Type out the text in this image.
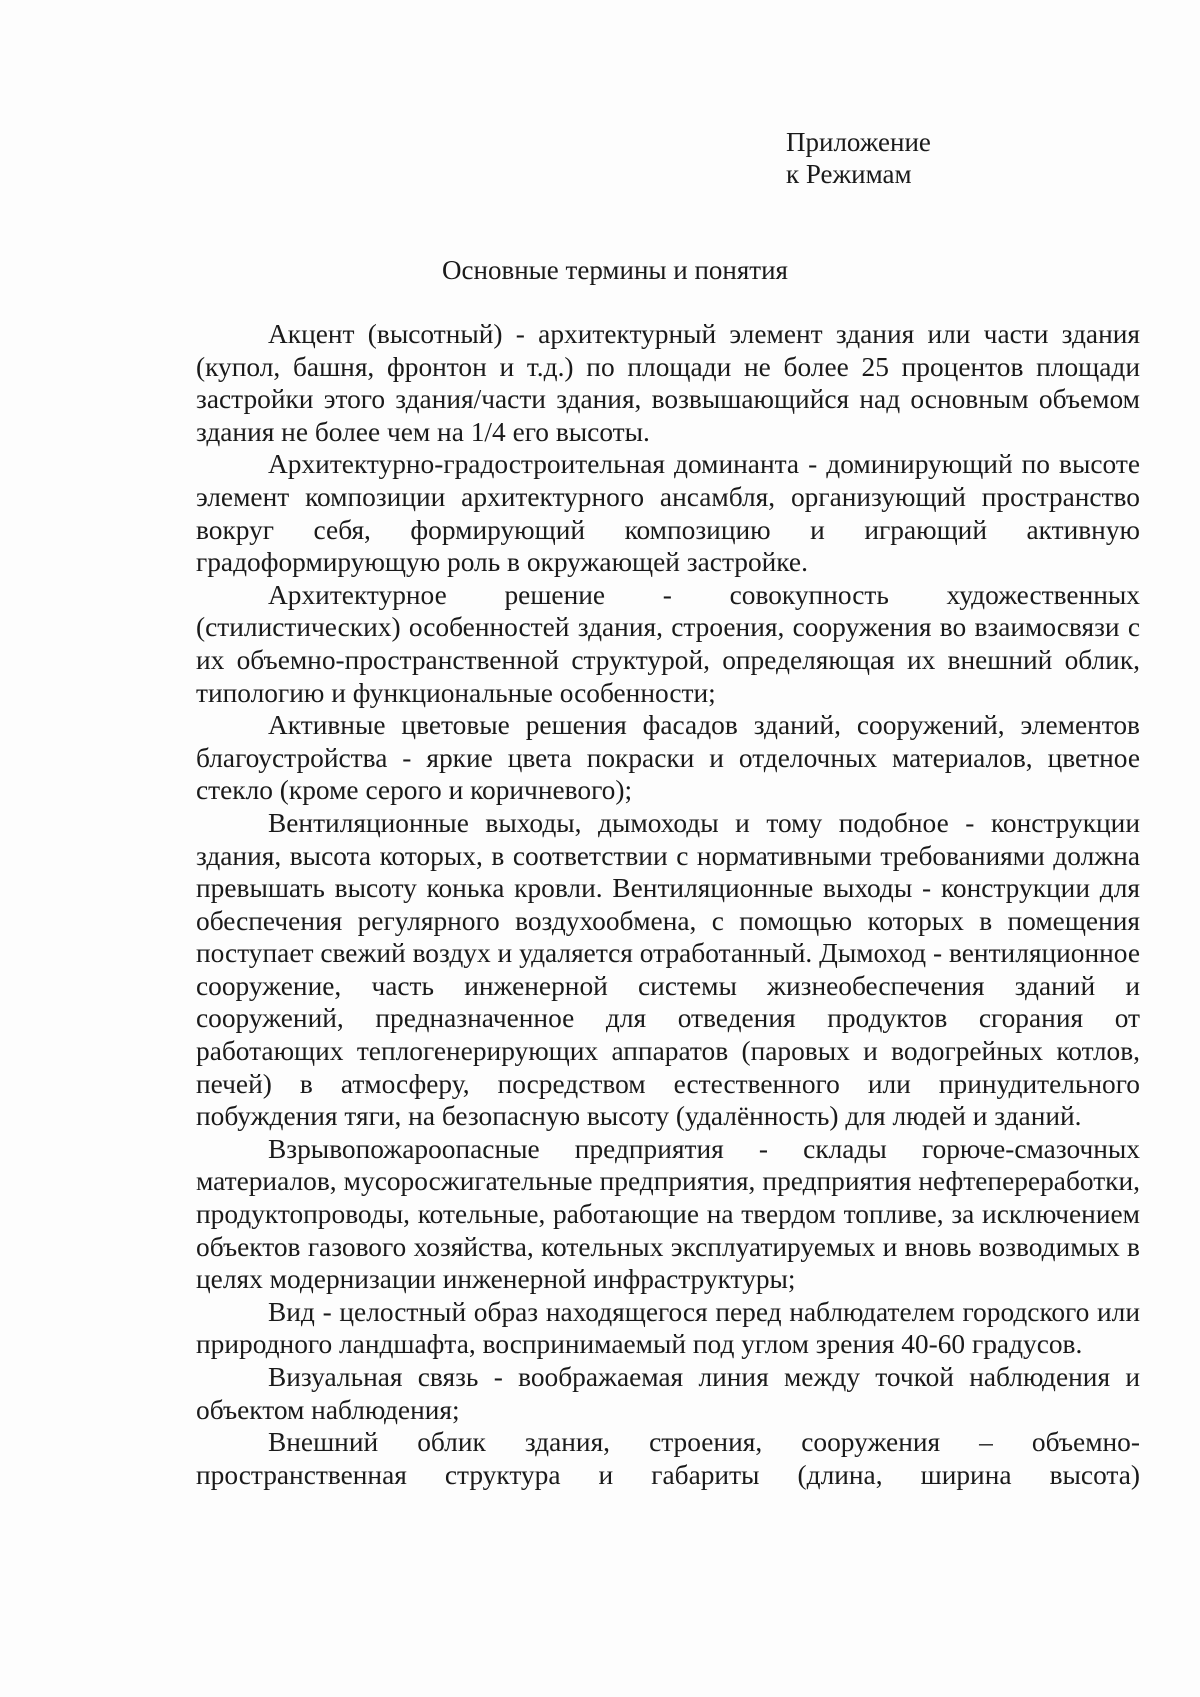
Приложение
к Режимам
Основные термины и понятия

Акцент (высотный) - архитектурный элемент здания или части здания (купол, башня, фронтон и т.д.) по площади не более 25 процентов площади застройки этого здания/части здания, возвышающийся над основным объемом здания не более чем на 1/4 его высоты.

Архитектурно-градостроительная доминанта - доминирующий по высоте элемент композиции архитектурного ансамбля, организующий пространство вокруг себя, формирующий композицию и играющий активную градоформирующую роль в окружающей застройке.

Архитектурное решение - совокупность художественных (стилистических) особенностей здания, строения, сооружения во взаимосвязи с их объемно-пространственной структурой, определяющая их внешний облик, типологию и функциональные особенности;

Активные цветовые решения фасадов зданий, сооружений, элементов благоустройства - яркие цвета покраски и отделочных материалов, цветное стекло (кроме серого и коричневого);

Вентиляционные выходы, дымоходы и тому подобное - конструкции здания, высота которых, в соответствии с нормативными требованиями должна превышать высоту конька кровли. Вентиляционные выходы - конструкции для обеспечения регулярного воздухообмена, с помощью которых в помещения поступает свежий воздух и удаляется отработанный. Дымоход - вентиляционное сооружение, часть инженерной системы жизнеобеспечения зданий и сооружений, предназначенное для отведения продуктов сгорания от работающих теплогенерирующих аппаратов (паровых и водогрейных котлов, печей) в атмосферу, посредством естественного или принудительного побуждения тяги, на безопасную высоту (удалённость) для людей и зданий.

Взрывопожароопасные предприятия - склады горюче-смазочных материалов, мусоросжигательные предприятия, предприятия нефтепереработки, продуктопроводы, котельные, работающие на твердом топливе, за исключением объектов газового хозяйства, котельных эксплуатируемых и вновь возводимых в целях модернизации инженерной инфраструктуры;

Вид - целостный образ находящегося перед наблюдателем городского или природного ландшафта, воспринимаемый под углом зрения 40-60 градусов.

Визуальная связь - воображаемая линия между точкой наблюдения и объектом наблюдения;

Внешний облик здания, строения, сооружения – объемно-пространственная структура и габариты (длина, ширина высота)
